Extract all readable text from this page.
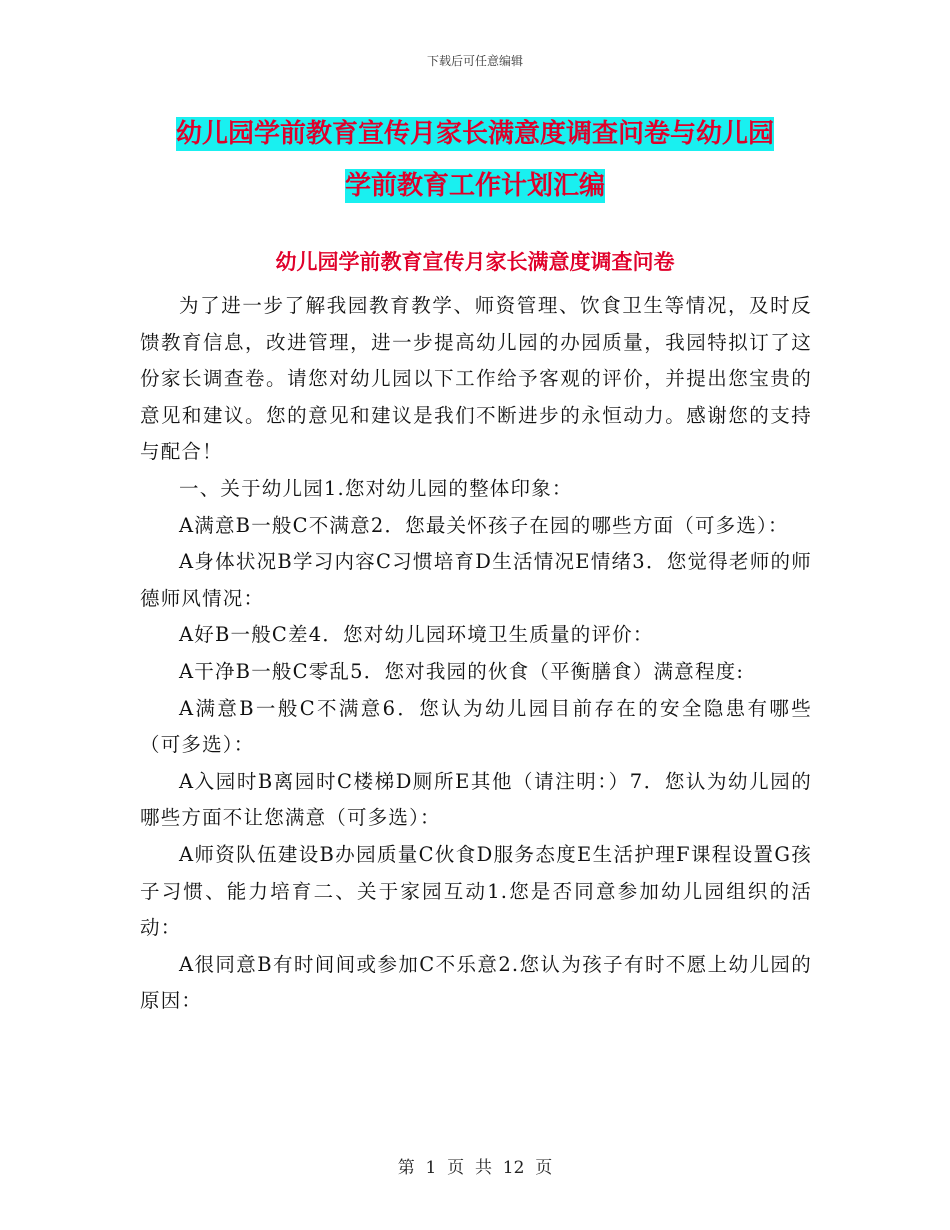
下载后可任意编辑
幼儿园学前教育宣传月家长满意度调查问卷与幼儿园
学前教育工作计划汇编
幼儿园学前教育宣传月家长满意度调查问卷

为了进一步了解我园教育教学、师资管理、饮食卫生等情况，及时反馈教育信息，改进管理，进一步提高幼儿园的办园质量，我园特拟订了这份家长调查卷。请您对幼儿园以下工作给予客观的评价，并提出您宝贵的意见和建议。您的意见和建议是我们不断进步的永恒动力。感谢您的支持与配合！

一、关于幼儿园1.您对幼儿园的整体印象：

A满意B一般C不满意2．您最关怀孩子在园的哪些方面（可多选）：

A身体状况B学习内容C习惯培育D生活情况E情绪3．您觉得老师的师德师风情况：

A好B一般C差4．您对幼儿园环境卫生质量的评价：

A干净B一般C零乱5．您对我园的伙食（平衡膳食）满意程度:

A满意B一般C不满意6．您认为幼儿园目前存在的安全隐患有哪些（可多选）：

A入园时B离园时C楼梯D厕所E其他（请注明：）7．您认为幼儿园的哪些方面不让您满意（可多选）：

A师资队伍建设B办园质量C伙食D服务态度E生活护理F课程设置G孩子习惯、能力培育二、关于家园互动1.您是否同意参加幼儿园组织的活动：

A很同意B有时间间或参加C不乐意2.您认为孩子有时不愿上幼儿园的原因：

第  1  页  共  12  页
